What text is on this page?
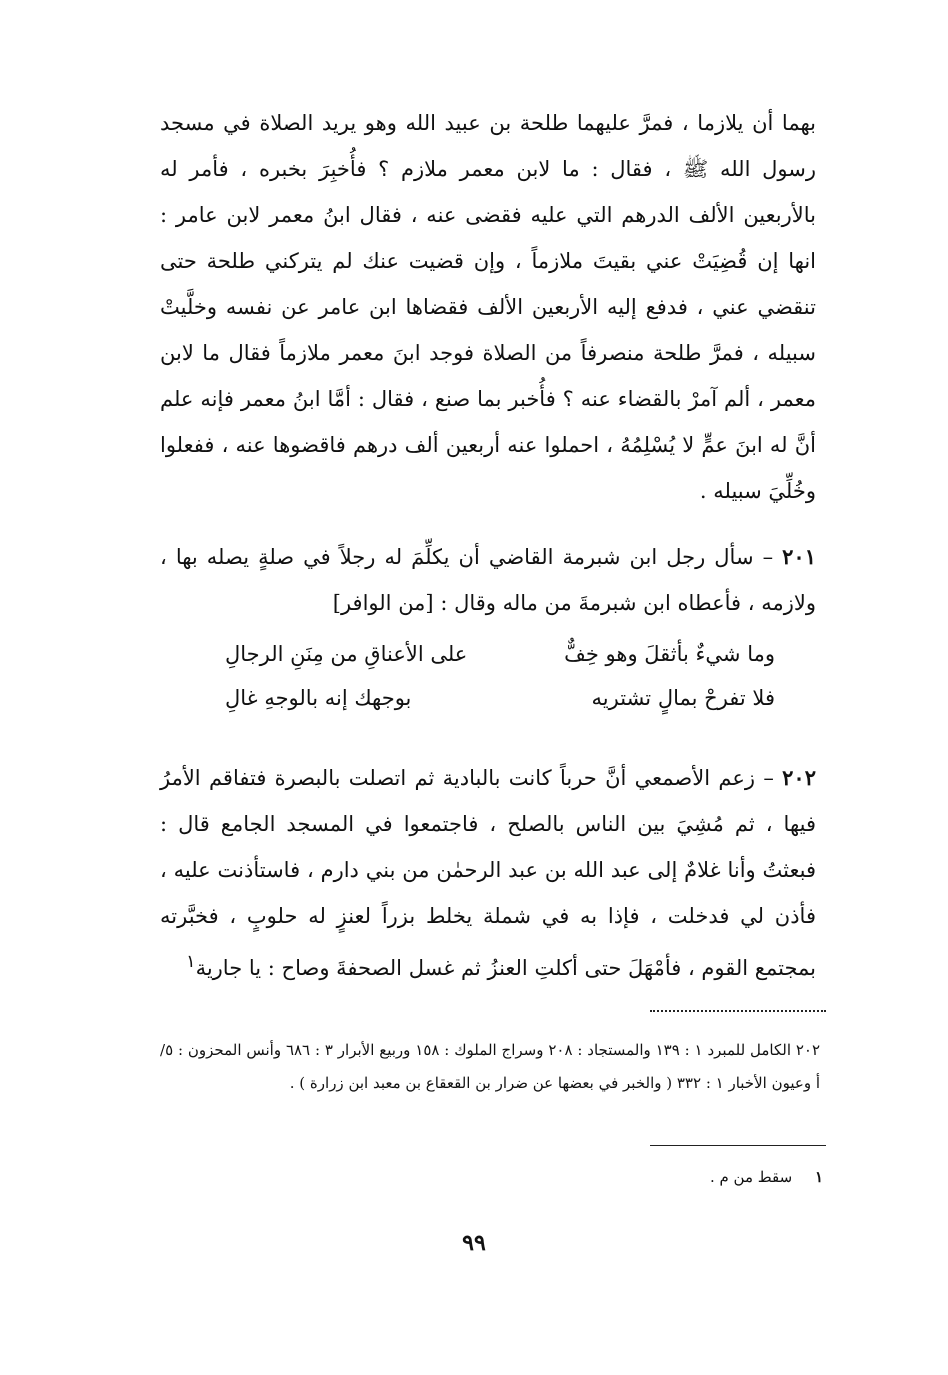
بهما أن يلازما ، فمرَّ عليهما طلحة بن عبيد الله وهو يريد الصلاة في مسجد رسول الله ﷺ ، فقال : ما لابن معمر ملازم ؟ فأُخبِرَ بخبره ، فأمر له بالأربعين الألف الدرهم التي عليه فقضى عنه ، فقال ابنُ معمر لابن عامر : انها إن قُضِيَتْ عني بقيتَ ملازماً ، وإن قضيت عنك لم يتركني طلحة حتى تنقضي عني ، فدفع إليه الأربعين الألف فقضاها ابن عامر عن نفسه وخلَّيتْ سبيله ، فمرَّ طلحة منصرفاً من الصلاة فوجد ابنَ معمر ملازماً فقال ما لابن معمر ، ألم آمرْ بالقضاء عنه ؟ فأُخبر بما صنع ، فقال : أمَّا ابنُ معمر فإنه علم أنَّ له ابنَ عمٍّ لا يُسْلِمُهُ ، احملوا عنه أربعين ألف درهم فاقضوها عنه ، ففعلوا وخُلِّيَ سبيله .

٢٠١ – سأل رجل ابن شبرمة القاضي أن يكلِّمَ له رجلاً في صلةٍ يصله بها ، ولازمه ، فأعطاه ابن شبرمةَ من ماله وقال : [من الوافر]

وما شيءٌ بأثقلَ وهو خِفٌّ
على الأعناقِ من مِنَنِ الرجالِ
فلا تفرحْ بمالٍ تشتريه
بوجهك إنه بالوجهِ غالِ

٢٠٢ – زعم الأصمعي أنَّ حرباً كانت بالبادية ثم اتصلت بالبصرة فتفاقم الأمرُ فيها ، ثم مُشِيَ بين الناس بالصلح ، فاجتمعوا في المسجد الجامع قال : فبعثتُ وأنا غلامٌ إلى عبد الله بن عبد الرحمٰن من بني دارم ، فاستأذنت عليه ، فأذن لي فدخلت ، فإذا به في شملة يخلط بزراً لعنزٍ له حلوبٍ ، فخبَّرته بمجتمع القوم ، فأمْهَلَ حتى أكلتِ العنزُ ثم غسل الصحفةَ وصاح : يا جارية$^١$

٢٠٢ الكامل للمبرد ١ : ١٣٩ والمستجاد : ٢٠٨ وسراج الملوك : ١٥٨ وربيع الأبرار ٣ : ٦٨٦ وأنس المحزون : ٥/أ وعيون الأخبار ١ : ٣٣٢ ( والخبر في بعضها عن ضرار بن القعقاع بن معبد ابن زرارة ) .

١ سقط من م .
٩٩
